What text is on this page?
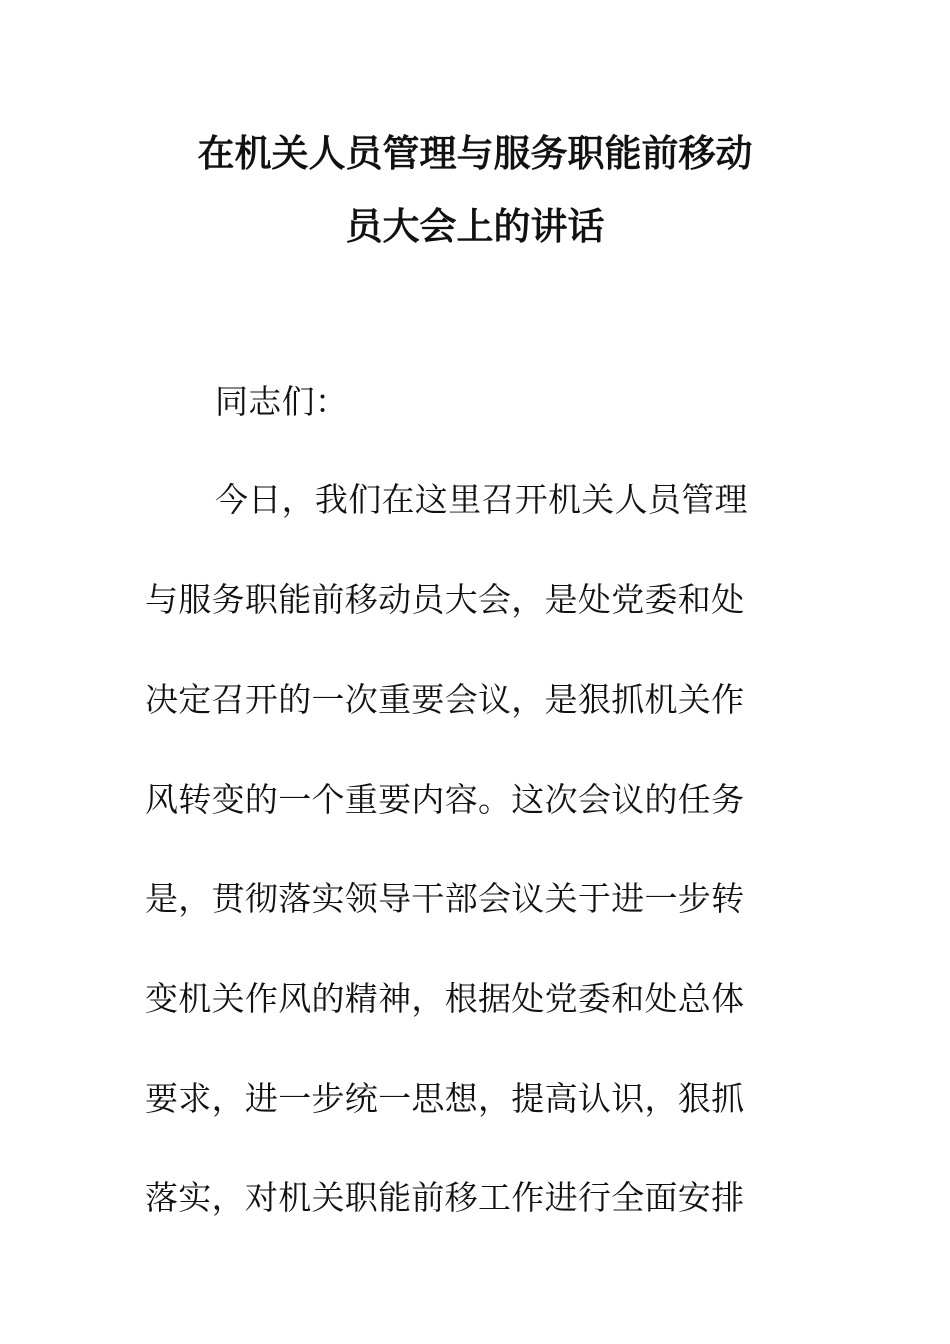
在机关人员管理与服务职能前移动
员大会上的讲话
同志们：
今日，我们在这里召开机关人员管理
与服务职能前移动员大会，是处党委和处
决定召开的一次重要会议，是狠抓机关作
风转变的一个重要内容。这次会议的任务
是，贯彻落实领导干部会议关于进一步转
变机关作风的精神，根据处党委和处总体
要求，进一步统一思想，提高认识，狠抓
落实，对机关职能前移工作进行全面安排
